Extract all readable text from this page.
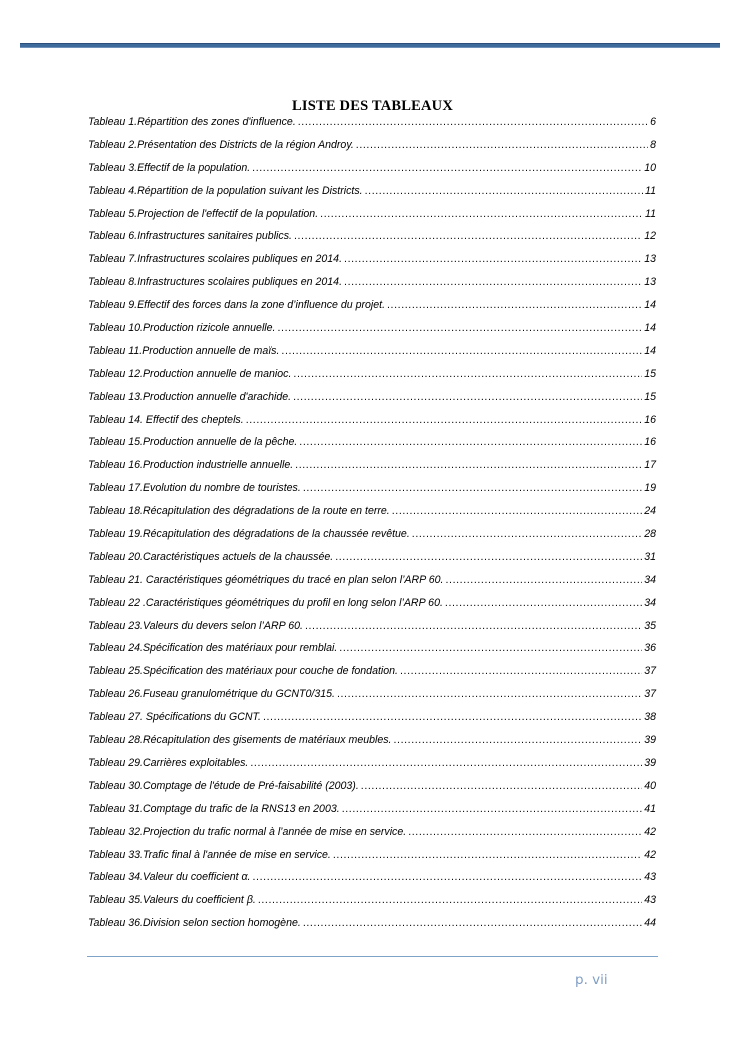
LISTE DES TABLEAUX
Tableau 1.Répartition des zones d'influence. .....	6
Tableau 2.Présentation des Districts de la région Androy. .....	8
Tableau 3.Effectif de la population. .....	10
Tableau 4.Répartition de la population suivant les Districts. .....	11
Tableau 5.Projection de l'effectif de la population. .....	11
Tableau 6.Infrastructures sanitaires publics. .....	12
Tableau 7.Infrastructures scolaires publiques en 2014. .....	13
Tableau 8.Infrastructures scolaires publiques en 2014. .....	13
Tableau 9.Effectif des forces dans la zone d’influence du projet. .....	14
Tableau 10.Production rizicole annuelle. .....	14
Tableau 11.Production annuelle de maïs. .....	14
Tableau 12.Production annuelle de manioc. .....	15
Tableau 13.Production annuelle d'arachide. .....	15
Tableau 14. Effectif des cheptels. .....	16
Tableau 15.Production annuelle de la pêche. .....	16
Tableau 16.Production industrielle annuelle. .....	17
Tableau 17.Evolution du nombre de touristes. .....	19
Tableau 18.Récapitulation des dégradations de la route en terre. .....	24
Tableau 19.Récapitulation des dégradations de la chaussée revêtue. .....	28
Tableau 20.Caractéristiques actuels de la chaussée. .....	31
Tableau 21. Caractéristiques géométriques du tracé en plan selon l’ARP 60. .....	34
Tableau 22 .Caractéristiques géométriques du profil en long selon l’ARP 60. .....	34
Tableau 23.Valeurs du devers selon l’ARP 60. .....	35
Tableau 24.Spécification des matériaux pour remblai. .....	36
Tableau 25.Spécification des matériaux pour couche de fondation. .....	37
Tableau 26.Fuseau granulométrique du GCNT0/315. .....	37
Tableau 27. Spécifications du GCNT. .....	38
Tableau 28.Récapitulation des gisements de matériaux meubles. .....	39
Tableau 29.Carrières exploitables. .....	39
Tableau 30.Comptage de l'étude de Pré-faisabilité (2003). .....	40
Tableau 31.Comptage du trafic de la RNS13 en 2003. .....	41
Tableau 32.Projection du trafic normal à l’année de mise en service. .....	42
Tableau 33.Trafic final à l'année de mise en service. .....	42
Tableau 34.Valeur du coefficient α. .....	43
Tableau 35.Valeurs du coefficient β. .....	43
Tableau 36.Division selon section homogène. .....	44
p. vii
